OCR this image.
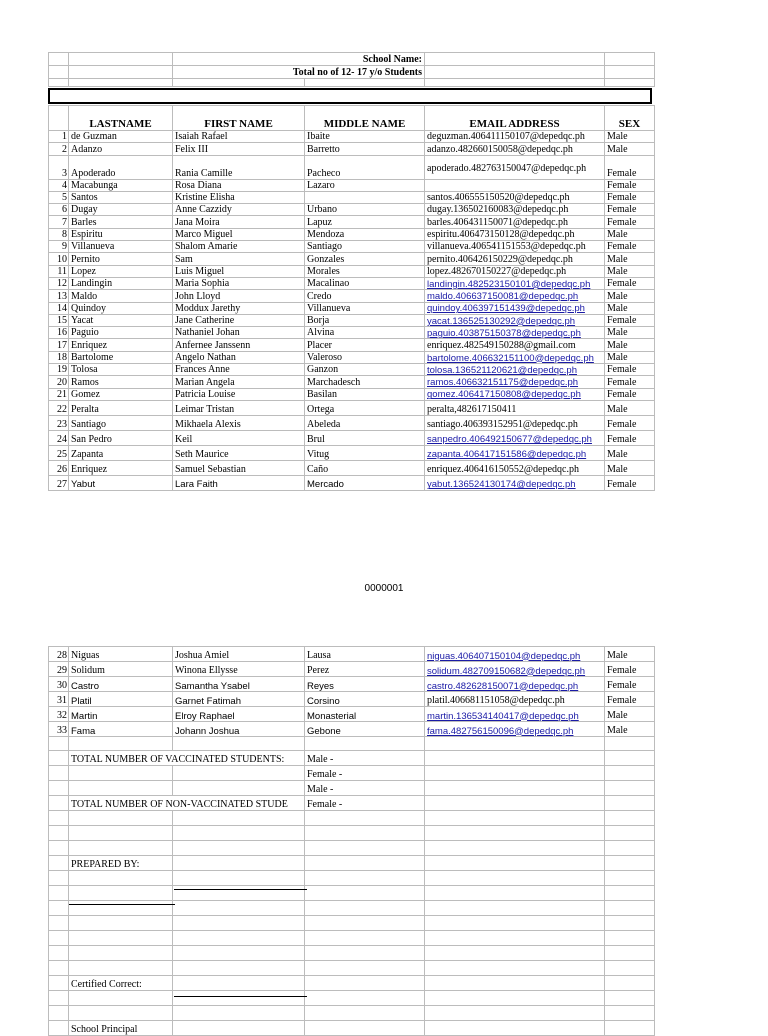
		School Name:			
		Total no of 12- 17 y/o Students			

	LASTNAME	FIRST NAME	MIDDLE NAME	EMAIL ADDRESS	SEX
1	de Guzman	Isaiah Rafael	Ibaite	deguzman.406411150107@depedqc.ph	Male
2	Adanzo	Felix III	Barretto	adanzo.482660150058@depedqc.ph	Male
3	Apoderado	Rania Camille	Pacheco	apoderado.482763150047@depedqc.ph	Female
4	Macabunga	Rosa Diana	Lazaro		Female
5	Santos	Kristine Elisha		santos.406555150520@depedqc.ph	Female
6	Dugay	Anne Cazzidy	Urbano	dugay.136502160083@depedqc.ph	Female
7	Barles	Jana Moira	Lapuz	barles.406431150071@depedqc.ph	Female
8	Espiritu	Marco Miguel	Mendoza	espiritu.406473150128@depedqc.ph	Male
9	Villanueva	Shalom Amarie	Santiago	villanueva.406541151553@depedqc.ph	Female
10	Pernito	Sam	Gonzales	pernito.406426150229@depedqc.ph	Male
11	Lopez	Luis Miguel	Morales	lopez.482670150227@depedqc.ph	Male
12	Landingin	Maria Sophia	Macalinao	landingin.482523150101@depedqc.ph	Female
13	Maldo	John Lloyd	Credo	maldo.406637150081@depedqc.ph	Male
14	Quindoy	Moddux Jarethy	Villanueva	quindoy.406397151439@depedqc.ph	Male
15	Yacat	Jane Catherine	Borja	yacat.136525130292@depedqc.ph	Female
16	Paguio	Nathaniel Johan	Alvina	paguio.403875150378@depedqc.ph	Male
17	Enriquez	Anfernee Janssenn	Placer	enriquez.482549150288@gmail.com	Male
18	Bartolome	Angelo Nathan	Valeroso	bartolome.406632151100@depedqc.ph	Male
19	Tolosa	Frances Anne	Ganzon	tolosa.136521120621@depedqc.ph	Female
20	Ramos	Marian Angela	Marchadesch	ramos.406632151175@depedqc.ph	Female
21	Gomez	Patricia Louise	Basilan	gomez.406417150808@depedqc.ph	Female
22	Peralta	Leimar Tristan	Ortega	peralta,482617150411	Male
23	Santiago	Mikhaela Alexis	Abeleda	santiago.406393152951@depedqc.ph	Female
24	San Pedro	Keil	Brul	sanpedro.406492150677@depedqc.ph	Female
25	Zapanta	Seth Maurice	Vitug	zapanta.406417151586@depedqc.ph	Male
26	Enriquez	Samuel Sebastian	Caño	enriquez.406416150552@depedqc.ph	Male
27	Yabut	Lara Faith	Mercado	yabut.136524130174@depedqc.ph	Female
0000001
28	Niguas	Joshua Amiel	Lausa	niguas.406407150104@depedqc.ph	Male
29	Solidum	Winona Ellysse	Perez	solidum.482709150682@depedqc.ph	Female
30	Castro	Samantha Ysabel	Reyes	castro.482628150071@depedqc.ph	Female
31	Platil	Garnet Fatimah	Corsino	platil.406681151058@depedqc.ph	Female
32	Martin	Elroy Raphael	Monasterial	martin.136534140417@depedqc.ph	Male
33	Fama	Johann Joshua	Gebone	fama.482756150096@depedqc.ph	Male

	TOTAL NUMBER OF VACCINATED STUDENTS:		Male -		
			Female -		
			Male -		
	TOTAL NUMBER OF NON-VACCINATED STUDE		Female -		

	PREPARED BY:				

	Certified Correct:				

	School Principal				
